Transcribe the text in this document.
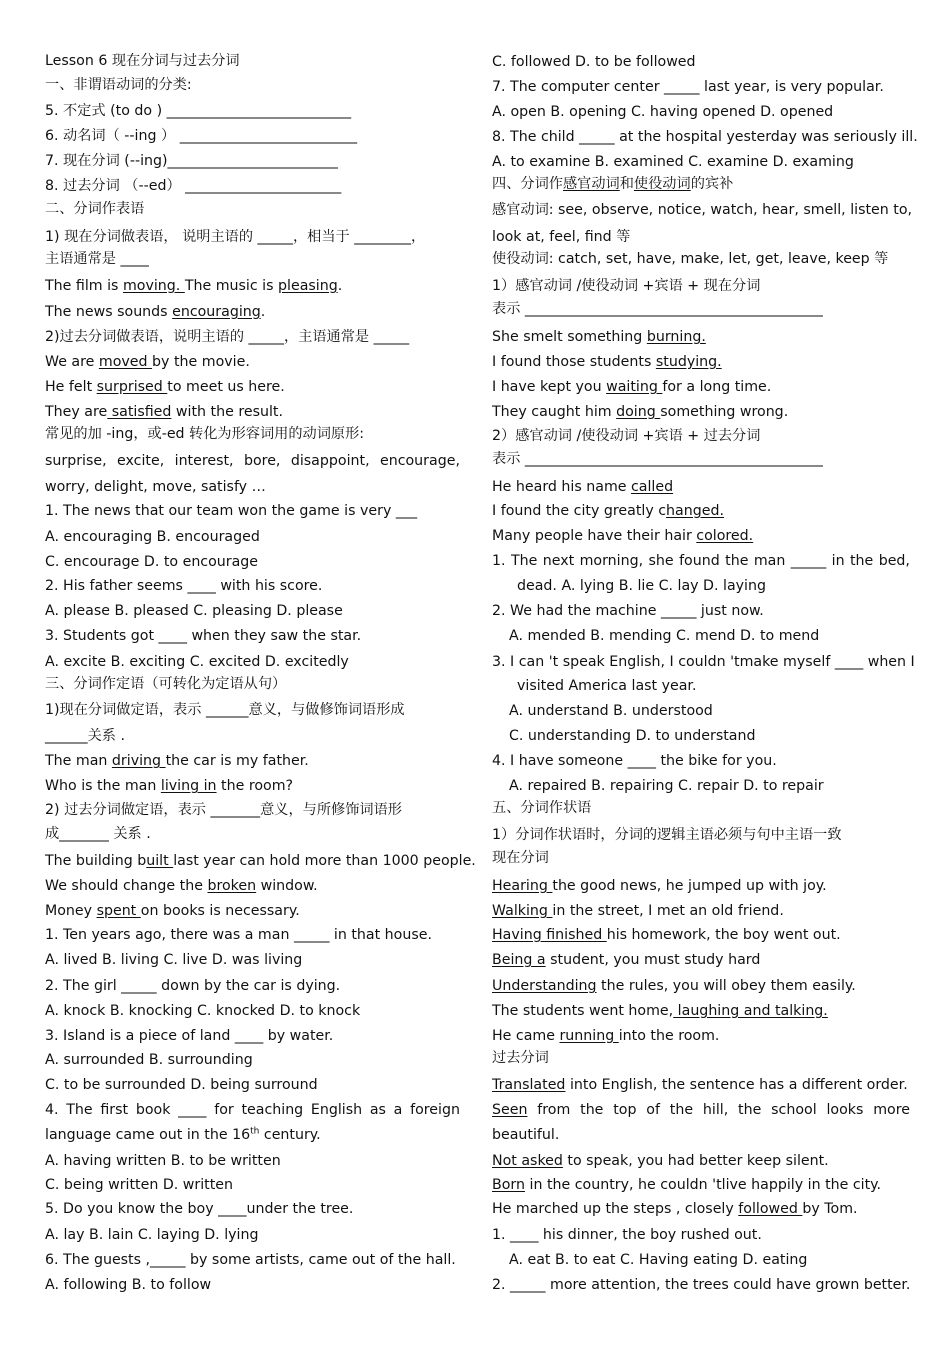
Lesson 6 现在分词与过去分词
一、非谓语动词的分类:
5. 不定式 (to do ) __________________________
6. 动名词（ --ing ） _________________________
7. 现在分词 (--ing)________________________
8. 过去分词 （--ed） ______________________
二、分词作表语
1) 现在分词做表语， 说明主语的 _____，相当于 ________，
主语通常是 ____
The film is moving. The music is pleasing.
The news sounds encouraging.
2)过去分词做表语，说明主语的 _____，主语通常是 _____
We are moved by the movie.
He felt surprised to meet us here.
They are satisfied with the result.
常见的加 -ing，或-ed 转化为形容词用的动词原形:
surprise, excite, interest, bore, disappoint, encourage,
worry, delight, move, satisfy …
1. The news that our team won the game is very ___
A. encouraging B. encouraged
C. encourage D. to encourage
2. His father seems ____ with his score.
A. please B. pleased C. pleasing D. please
3. Students got ____ when they saw the star.
A. excite B. exciting C. excited D. excitedly
三、分词作定语（可转化为定语从句）
1)现在分词做定语，表示 ______意义，与做修饰词语形成
______关系 .
The man driving the car is my father.
Who is the man living in the room?
2) 过去分词做定语，表示 _______意义，与所修饰词语形
成_______ 关系 .
The building built last year can hold more than 1000 people.
We should change the broken window.
Money spent on books is necessary.
1. Ten years ago, there was a man _____ in that house.
A. lived B. living C. live D. was living
2. The girl _____ down by the car is dying.
A. knock B. knocking C. knocked D. to knock
3. Island is a piece of land ____ by water.
A. surrounded B. surrounding
C. to be surrounded D. being surround
4. The first book ____ for teaching English as a foreign
language came out in the 16th century.
A. having written B. to be written
C. being written D. written
5. Do you know the boy ____under the tree.
A. lay B. lain C. laying D. lying
6. The guests ,_____ by some artists, came out of the hall.
A. following B. to follow
C. followed D. to be followed
7. The computer center _____ last year, is very popular.
A. open B. opening C. having opened D. opened
8. The child _____ at the hospital yesterday was seriously ill.
A. to examine B. examined C. examine D. examing
四、分词作感官动词和使役动词的宾补
感官动词: see, observe, notice, watch, hear, smell, listen to,
look at, feel, find 等
使役动词: catch, set, have, make, let, get, leave, keep 等
1）感官动词 /使役动词 +宾语 + 现在分词
表示 __________________________________________
She smelt something burning.
I found those students studying.
I have kept you waiting for a long time.
They caught him doing something wrong.
2）感官动词 /使役动词 +宾语 + 过去分词
表示 __________________________________________
He heard his name called
I found the city greatly changed.
Many people have their hair colored.
1. The next morning, she found the man _____ in the bed,
dead. A. lying B. lie C. lay D. laying
2. We had the machine _____ just now.
A. mended B. mending C. mend D. to mend
3. I can 't speak English, I couldn 'tmake myself ____ when I
visited America last year.
A. understand B. understood
C. understanding D. to understand
4. I have someone ____ the bike for you.
A. repaired B. repairing C. repair D. to repair
五、分词作状语
1）分词作状语时，分词的逻辑主语必须与句中主语一致
现在分词
Hearing the good news, he jumped up with joy.
Walking in the street, I met an old friend.
Having finished his homework, the boy went out.
Being a student, you must study hard
Understanding the rules, you will obey them easily.
The students went home, laughing and talking.
He came running into the room.
过去分词
Translated into English, the sentence has a different order.
Seen from the top of the hill, the school looks more
beautiful.
Not asked to speak, you had better keep silent.
Born in the country, he couldn 'tlive happily in the city.
He marched up the steps , closely followed by Tom.
1. ____ his dinner, the boy rushed out.
A. eat B. to eat C. Having eating D. eating
2. _____ more attention, the trees could have grown better.
